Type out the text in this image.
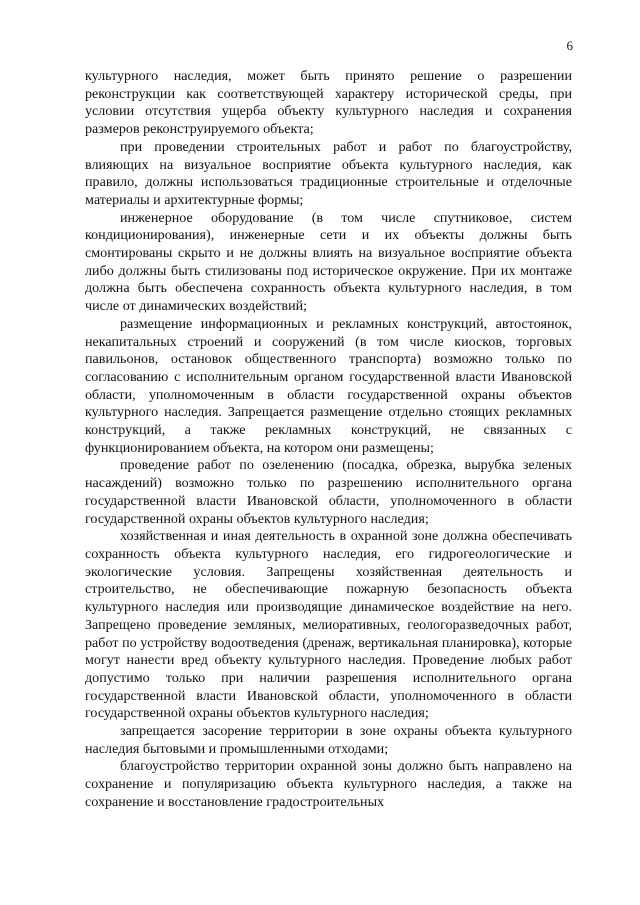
6

культурного наследия, может быть принято решение о разрешении реконструкции как соответствующей характеру исторической среды, при условии отсутствия ущерба объекту культурного наследия и сохранения размеров реконструируемого объекта;

при проведении строительных работ и работ по благоустройству, влияющих на визуальное восприятие объекта культурного наследия, как правило, должны использоваться традиционные строительные и отделочные материалы и архитектурные формы;

инженерное оборудование (в том числе спутниковое, систем кондиционирования), инженерные сети и их объекты должны быть смонтированы скрыто и не должны влиять на визуальное восприятие объекта либо должны быть стилизованы под историческое окружение. При их монтаже должна быть обеспечена сохранность объекта культурного наследия, в том числе от динамических воздействий;

размещение информационных и рекламных конструкций, автостоянок, некапитальных строений и сооружений (в том числе киосков, торговых павильонов, остановок общественного транспорта) возможно только по согласованию с исполнительным органом государственной власти Ивановской области, уполномоченным в области государственной охраны объектов культурного наследия. Запрещается размещение отдельно стоящих рекламных конструкций, а также рекламных конструкций, не связанных с функционированием объекта, на котором они размещены;

проведение работ по озеленению (посадка, обрезка, вырубка зеленых насаждений) возможно только по разрешению исполнительного органа государственной власти Ивановской области, уполномоченного в области государственной охраны объектов культурного наследия;

хозяйственная и иная деятельность в охранной зоне должна обеспечивать сохранность объекта культурного наследия, его гидрогеологические и экологические условия. Запрещены хозяйственная деятельность и строительство, не обеспечивающие пожарную безопасность объекта культурного наследия или производящие динамическое воздействие на него. Запрещено проведение земляных, мелиоративных, геологоразведочных работ, работ по устройству водоотведения (дренаж, вертикальная планировка), которые могут нанести вред объекту культурного наследия. Проведение любых работ допустимо только при наличии разрешения исполнительного органа государственной власти Ивановской области, уполномоченного в области государственной охраны объектов культурного наследия;

запрещается засорение территории в зоне охраны объекта культурного наследия бытовыми и промышленными отходами;

благоустройство территории охранной зоны должно быть направлено на сохранение и популяризацию объекта культурного наследия, а также на сохранение и восстановление градостроительных
